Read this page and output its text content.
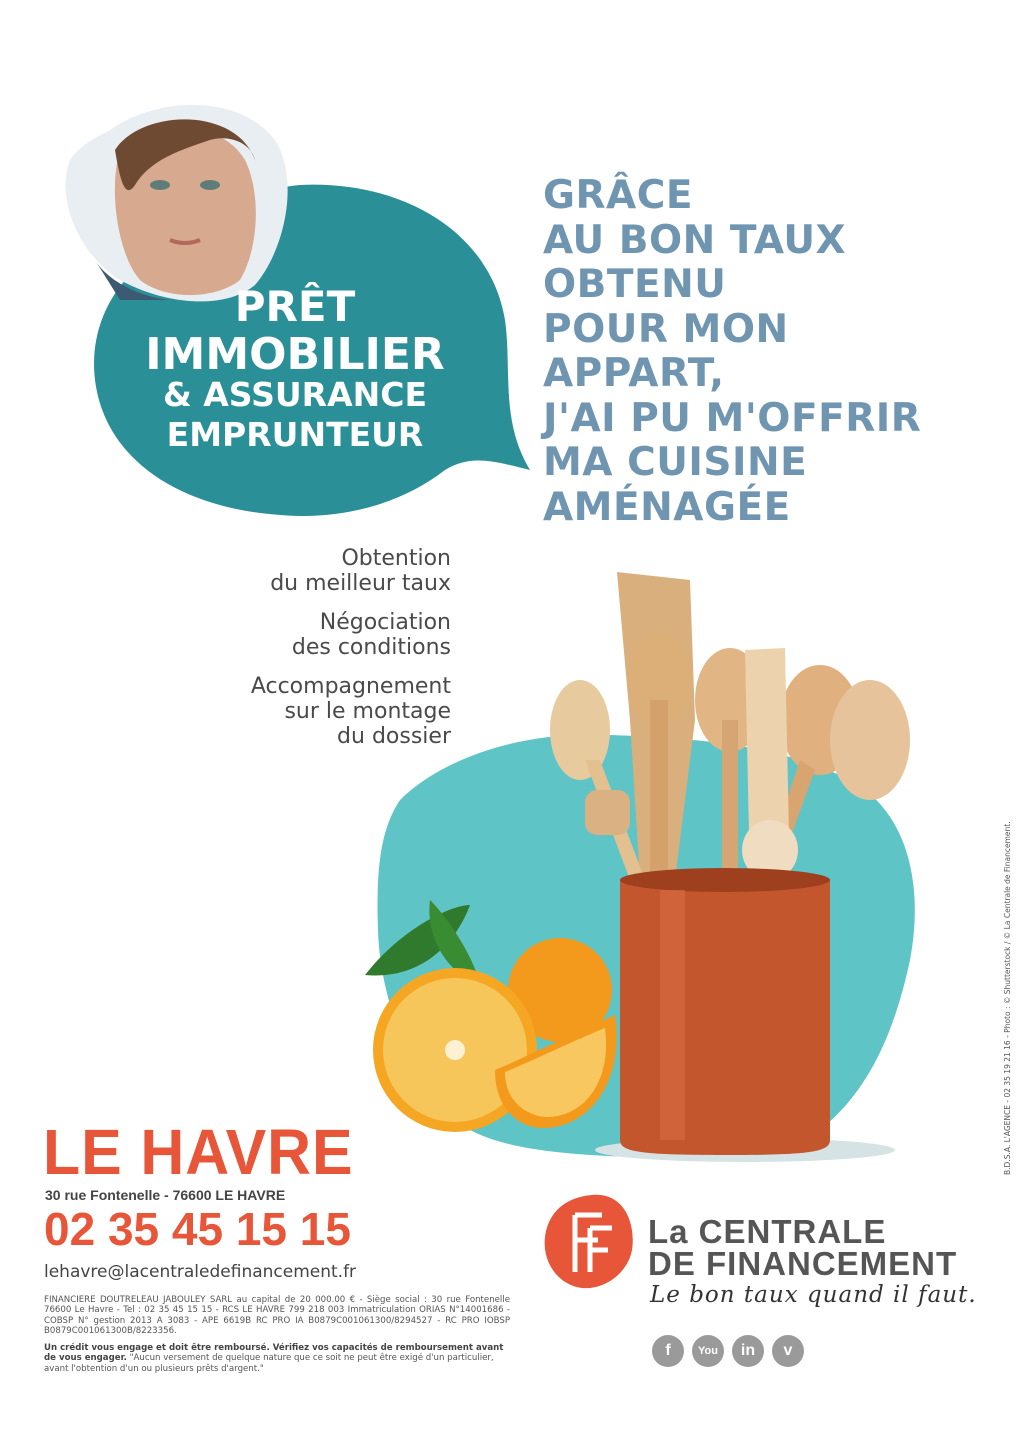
PRÊT
IMMOBILIER
& ASSURANCE
EMPRUNTEUR
GRÂCE
AU BON TAUX
OBTENU
POUR MON
APPART,
J'AI PU M'OFFRIR
MA CUISINE
AMÉNAGÉE
Obtention
du meilleur taux
Négociation
des conditions
Accompagnement
sur le montage
du dossier
LE HAVRE
30 rue Fontenelle - 76600 LE HAVRE
02 35 45 15 15
lehavre@lacentraledefinancement.fr
FINANCIERE DOUTRELEAU JABOULEY SARL au capital de 20 000.00 € - Siège social : 30 rue Fontenelle 76600 Le Havre - Tel : 02 35 45 15 15 - RCS LE HAVRE 799 218 003 Immatriculation ORIAS N°14001686 - COBSP N° gestion 2013 A 3083 - APE 6619B RC PRO IA B0879C001061300/8294527 - RC PRO IOBSP B0879C001061300B/8223356.
Un crédit vous engage et doit être remboursé. Vérifiez vos capacités de remboursement avant de vous engager. "Aucun versement de quelque nature que ce soit ne peut être exigé d'un particulier, avant l'obtention d'un ou plusieurs prêts d'argent."
La CENTRALE
DE FINANCEMENT
Le bon taux quand il faut.
f	You	in	v
B.D.S.A. L'AGENCE - 02 35 19 21 16 - Photo : © Shutterstock / © La Centrale de Financement.
